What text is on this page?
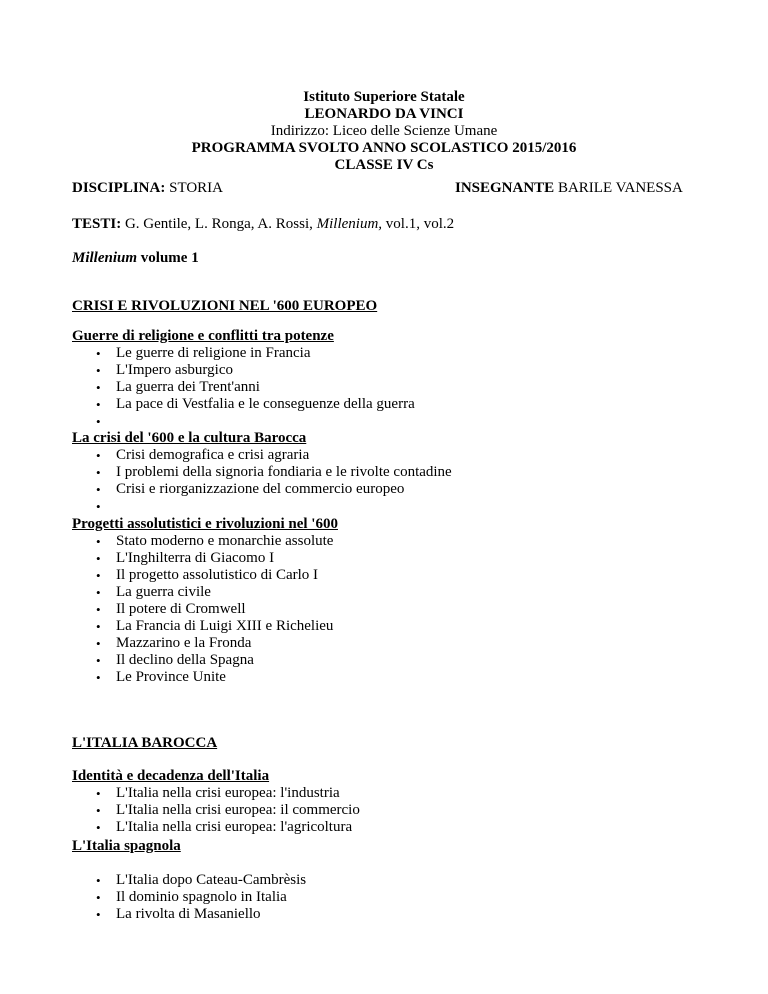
Istituto Superiore Statale
LEONARDO DA VINCI
Indirizzo: Liceo delle Scienze Umane
PROGRAMMA SVOLTO ANNO SCOLASTICO 2015/2016
CLASSE IV Cs
DISCIPLINA: STORIA	INSEGNANTE BARILE VANESSA
TESTI: G. Gentile, L. Ronga, A. Rossi, Millenium, vol.1, vol.2
Millenium volume 1
CRISI E RIVOLUZIONI NEL '600 EUROPEO
Guerre di religione e conflitti tra potenze
• Le guerre di religione in Francia
• L'Impero asburgico
• La guerra dei Trent'anni
• La pace di Vestfalia e le conseguenze della guerra
•
La crisi del '600 e la cultura Barocca
• Crisi demografica e crisi agraria
• I problemi della signoria fondiaria e le rivolte contadine
• Crisi e riorganizzazione del commercio europeo
•
Progetti assolutistici e rivoluzioni nel '600
• Stato moderno e monarchie assolute
• L'Inghilterra di Giacomo I
• Il progetto assolutistico di Carlo I
• La guerra civile
• Il potere di Cromwell
• La Francia di Luigi XIII e Richelieu
• Mazzarino e la Fronda
• Il declino della Spagna
• Le Province Unite
L'ITALIA BAROCCA
Identità e decadenza dell'Italia
• L'Italia nella crisi europea: l'industria
• L'Italia nella crisi europea: il commercio
• L'Italia nella crisi europea: l'agricoltura
L'Italia spagnola
• L'Italia dopo Cateau-Cambrèsis
• Il dominio spagnolo in Italia
• La rivolta di Masaniello
